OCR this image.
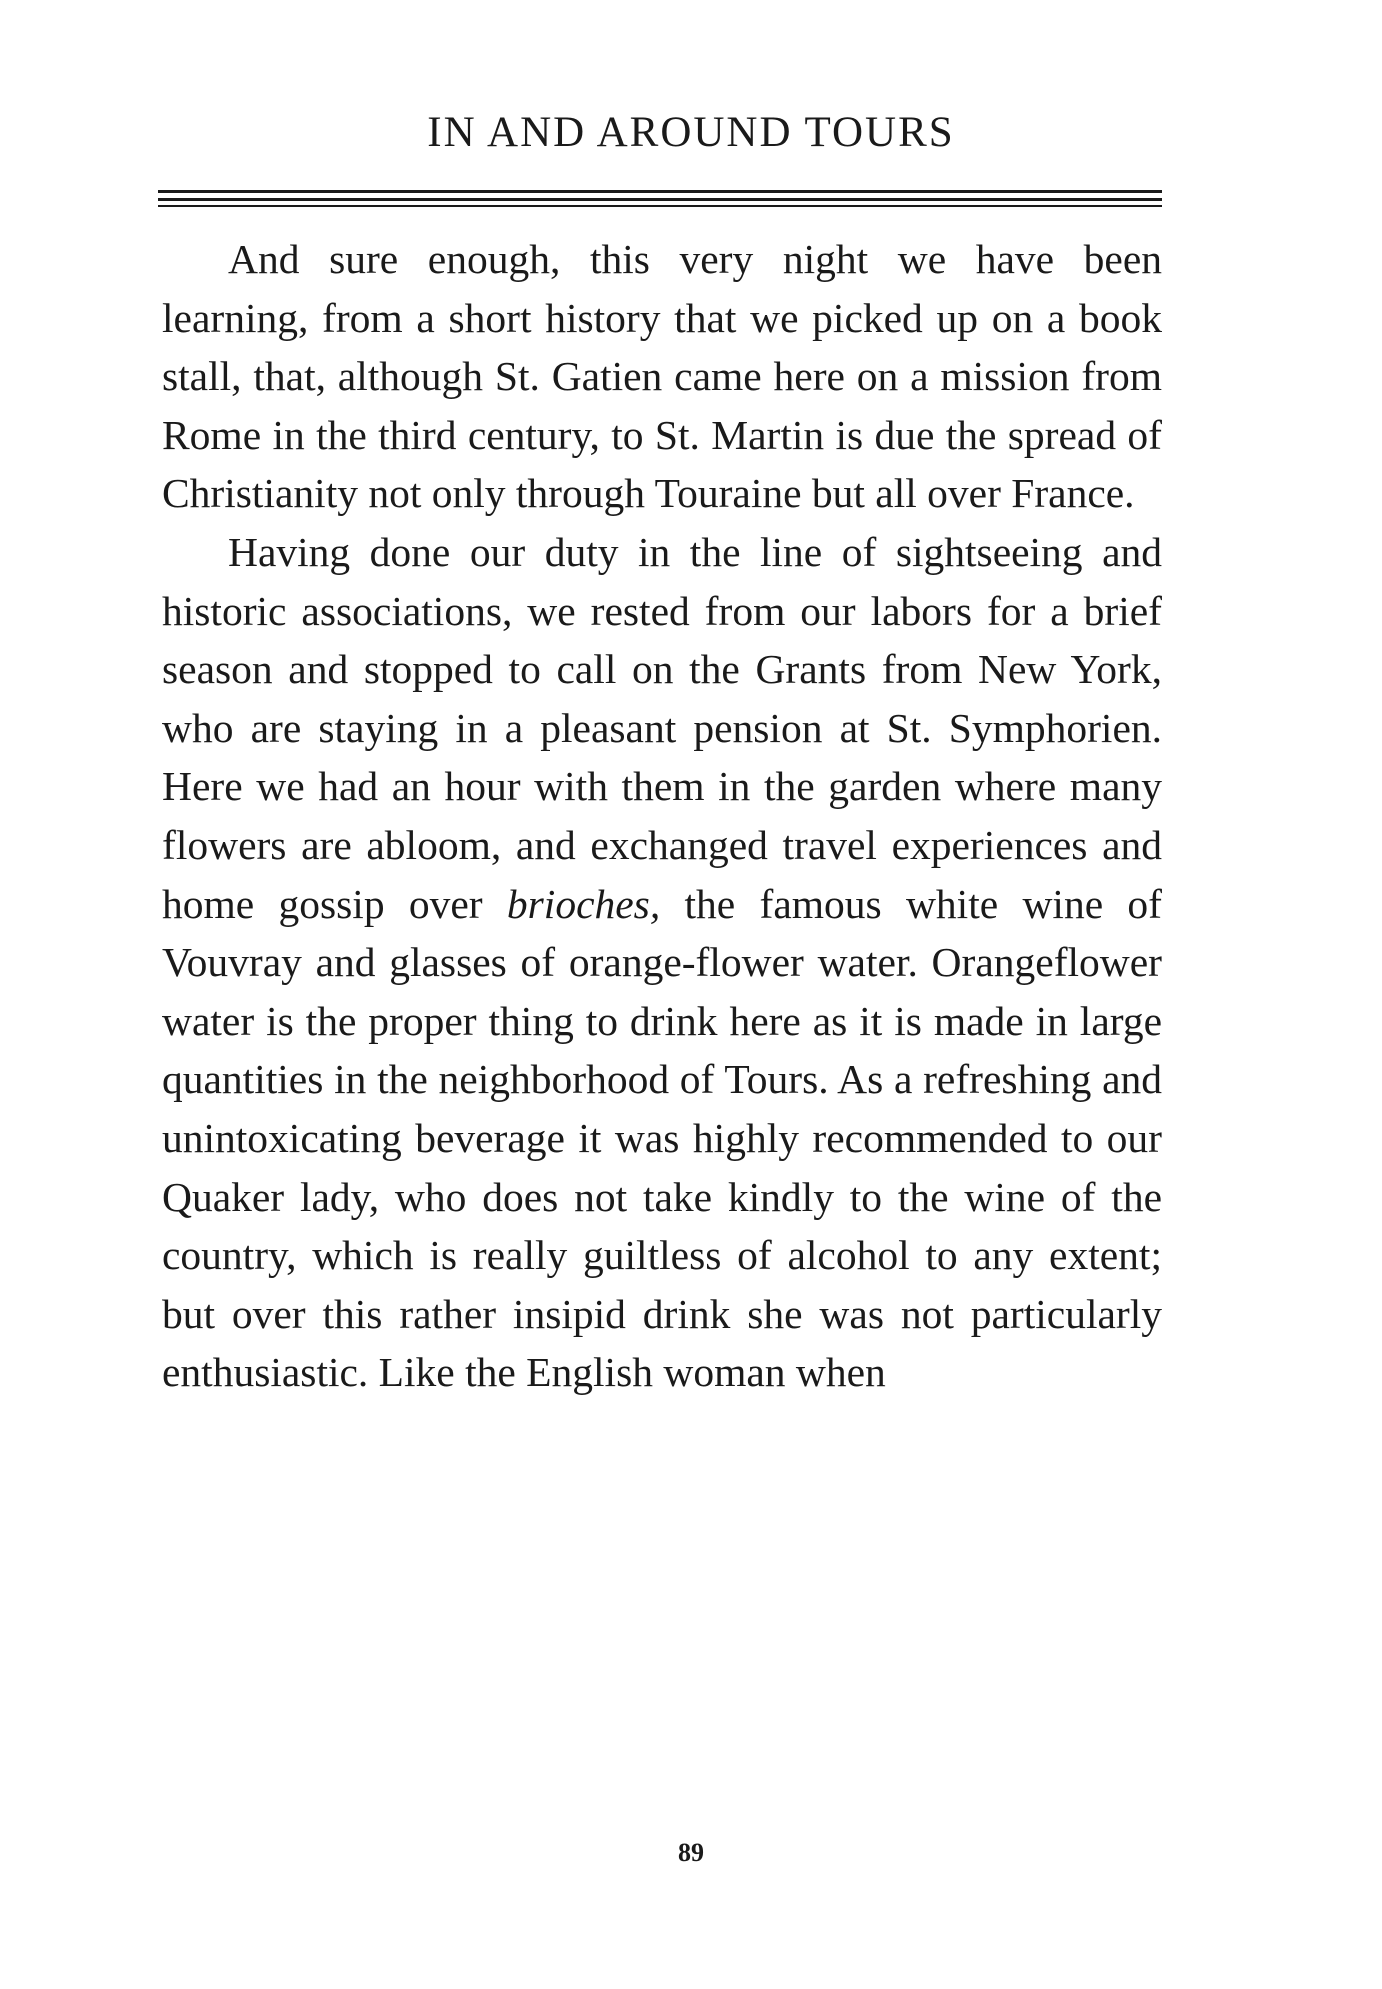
IN AND AROUND TOURS

And sure enough, this very night we have been learning, from a short history that we picked up on a book stall, that, although St. Gatien came here on a mission from Rome in the third century, to St. Martin is due the spread of Christianity not only through Touraine but all over France.

Having done our duty in the line of sightseeing and historic associations, we rested from our labors for a brief season and stopped to call on the Grants from New York, who are staying in a pleasant pension at St. Symphorien. Here we had an hour with them in the garden where many flowers are abloom, and exchanged travel experiences and home gossip over brioches, the famous white wine of Vouvray and glasses of orange-flower water. Orangeflower water is the proper thing to drink here as it is made in large quantities in the neighborhood of Tours. As a refreshing and unintoxicating beverage it was highly recommended to our Quaker lady, who does not take kindly to the wine of the country, which is really guiltless of alcohol to any extent; but over this rather insipid drink she was not particularly enthusiastic. Like the English woman when

89
